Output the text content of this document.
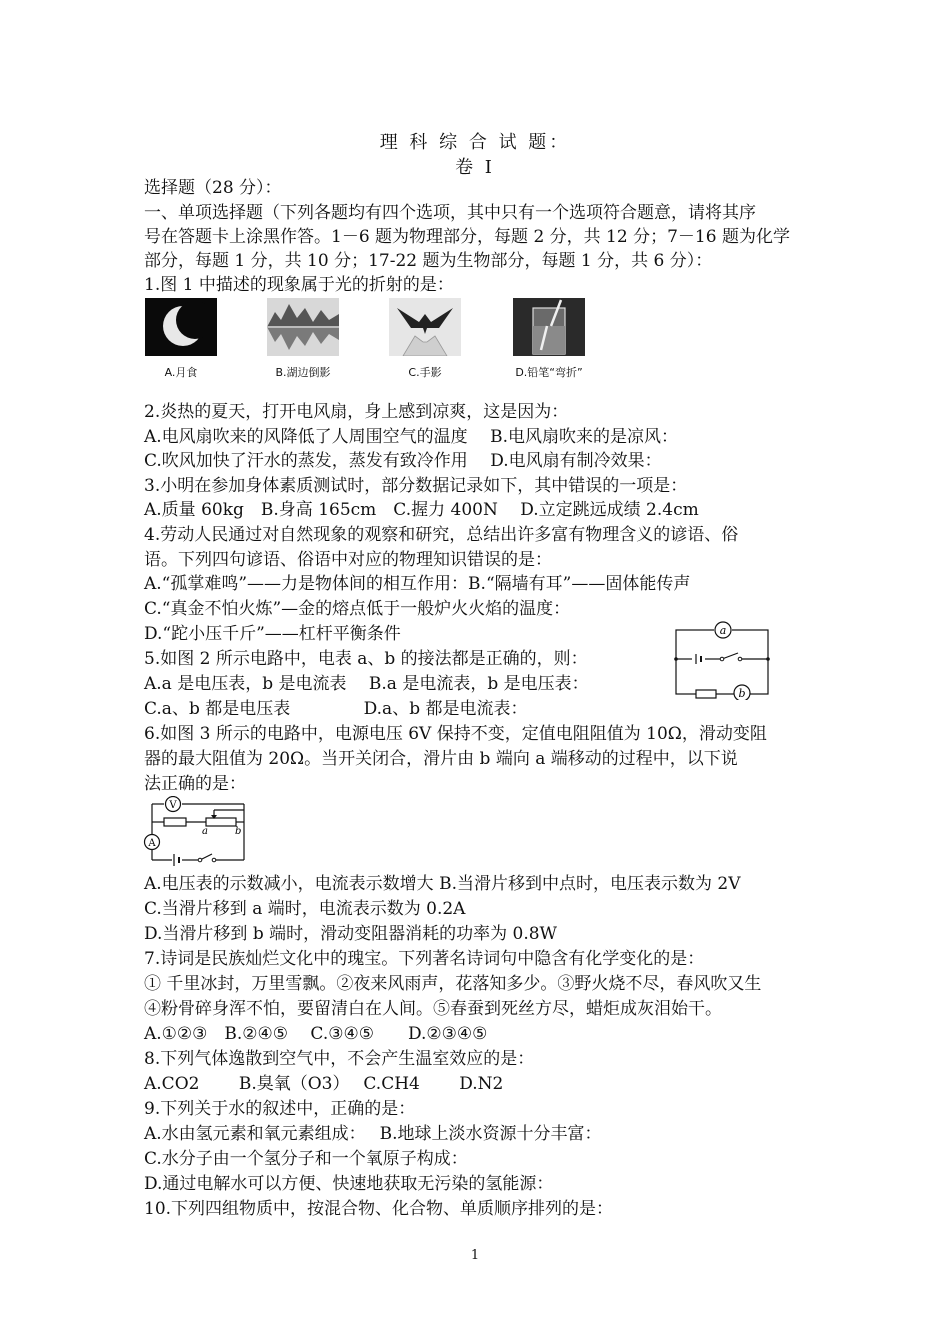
理 科 综 合 试 题：
卷 I
选择题（28 分）：
一、单项选择题（下列各题均有四个选项，其中只有一个选项符合题意，请将其序
号在答题卡上涂黑作答。1－6 题为物理部分，每题 2 分，共 12 分；7－16 题为化学
部分，每题 1 分，共 10 分；17-22 题为生物部分，每题 1 分，共 6 分）：
1.图 1 中描述的现象属于光的折射的是：
A.月食	B.湖边倒影	C.手影	D.铅笔“弯折”
2.炎热的夏天，打开电风扇，身上感到凉爽，这是因为：
A.电风扇吹来的风降低了人周围空气的温度　 B.电风扇吹来的是凉风：
C.吹风加快了汗水的蒸发，蒸发有致冷作用　 D.电风扇有制冷效果：
3.小明在参加身体素质测试时，部分数据记录如下，其中错误的一项是：
A.质量 60kg　B.身高 165cm　C.握力 400N　 D.立定跳远成绩 2.4cm
4.劳动人民通过对自然现象的观察和研究，总结出许多富有物理含义的谚语、俗
语。下列四句谚语、俗语中对应的物理知识错误的是：
A.“孤掌难鸣”——力是物体间的相互作用：B.“隔墙有耳”——固体能传声
C.“真金不怕火炼”—金的熔点低于一般炉火火焰的温度：
D.“跎小压千斤”——杠杆平衡条件
5.如图 2 所示电路中，电表 a、b 的接法都是正确的，则：
A.a 是电压表，b 是电流表　 B.a 是电流表，b 是电压表：
C.a、b 都是电压表　　　　 D.a、b 都是电流表：
6.如图 3 所示的电路中，电源电压 6V 保持不变，定值电阻阻值为 10Ω，滑动变阻
器的最大阻值为 20Ω。当开关闭合，滑片由 b 端向 a 端移动的过程中，以下说
法正确的是：
a
b
V
a	b
A
A.电压表的示数减小，电流表示数增大 B.当滑片移到中点时，电压表示数为 2V
C.当滑片移到 a 端时，电流表示数为 0.2A
D.当滑片移到 b 端时，滑动变阻器消耗的功率为 0.8W
7.诗词是民族灿烂文化中的瑰宝。下列著名诗词句中隐含有化学变化的是：
① 千里冰封，万里雪飘。②夜来风雨声，花落知多少。③野火烧不尽，春风吹又生
④粉骨碎身浑不怕，要留清白在人间。⑤春蚕到死丝方尽，蜡炬成灰泪始干。
A.①②③　B.②④⑤　 C.③④⑤　　D.②③④⑤
8.下列气体逸散到空气中，不会产生温室效应的是：
A.CO2　　 B.臭氧（O3）　 C.CH4　　 D.N2
9.下列关于水的叙述中，正确的是：
A.水由氢元素和氧元素组成：　 B.地球上淡水资源十分丰富：
C.水分子由一个氢分子和一个氧原子构成：
D.通过电解水可以方便、快速地获取无污染的氢能源：
10.下列四组物质中，按混合物、化合物、单质顺序排列的是：
1
